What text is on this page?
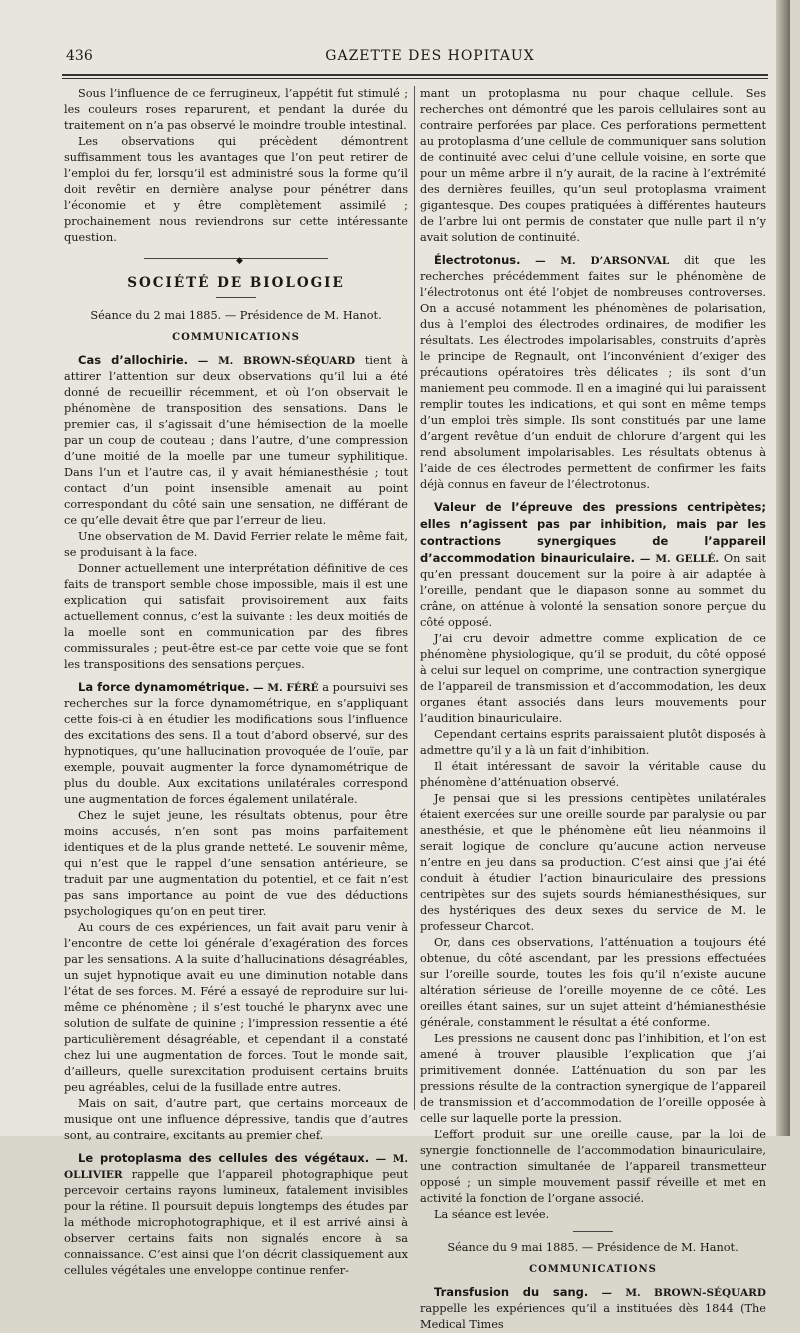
436	GAZETTE DES HOPITAUX

Sous l’influence de ce ferrugineux, l’appétit fut stimulé ; les couleurs roses reparurent, et pendant la durée du traitement on n’a pas observé le moindre trouble intestinal.

Les observations qui précèdent démontrent suffisamment tous les avantages que l’on peut retirer de l’emploi du fer, lorsqu’il est administré sous la forme qu’il doit revêtir en dernière analyse pour pénétrer dans l’économie et y être complètement assimilé ; prochainement nous reviendrons sur cette intéressante question.

◆
SOCIÉTÉ DE BIOLOGIE

Séance du 2 mai 1885. — Présidence de M. Hanot.

COMMUNICATIONS

Cas d’allochirie. — M. BROWN-SÉQUARD tient à attirer l’attention sur deux observations qu’il lui a été donné de recueillir récemment, et où l’on observait le phénomène de transposition des sensations. Dans le premier cas, il s’agissait d’une hémisection de la moelle par un coup de couteau ; dans l’autre, d’une compression d’une moitié de la moelle par une tumeur syphilitique. Dans l’un et l’autre cas, il y avait hémianesthésie ; tout contact d’un point insensible amenait au point correspondant du côté sain une sensation, ne différant de ce qu’elle devait être que par l’erreur de lieu.

Une observation de M. David Ferrier relate le même fait, se produisant à la face.

Donner actuellement une interprétation définitive de ces faits de transport semble chose impossible, mais il est une explication qui satisfait provisoirement aux faits actuellement connus, c’est la suivante : les deux moitiés de la moelle sont en communication par des fibres commissurales ; peut-être est-ce par cette voie que se font les transpositions des sensations perçues.

La force dynamométrique. — M. FÉRÉ a poursuivi ses recherches sur la force dynamométrique, en s’appliquant cette fois-ci à en étudier les modifications sous l’influence des excitations des sens. Il a tout d’abord observé, sur des hypnotiques, qu’une hallucination provoquée de l’ouïe, par exemple, pouvait augmenter la force dynamométrique de plus du double. Aux excitations unilatérales correspond une augmentation de forces également unilatérale.

Chez le sujet jeune, les résultats obtenus, pour être moins accusés, n’en sont pas moins parfaitement identiques et de la plus grande netteté. Le souvenir même, qui n’est que le rappel d’une sensation antérieure, se traduit par une augmentation du potentiel, et ce fait n’est pas sans importance au point de vue des déductions psychologiques qu’on en peut tirer.

Au cours de ces expériences, un fait avait paru venir à l’encontre de cette loi générale d’exagération des forces par les sensations. A la suite d’hallucinations désagréables, un sujet hypnotique avait eu une diminution notable dans l’état de ses forces. M. Féré a essayé de reproduire sur lui-même ce phénomène ; il s’est touché le pharynx avec une solution de sulfate de quinine ; l’impression ressentie a été particulièrement désagréable, et cependant il a constaté chez lui une augmentation de forces. Tout le monde sait, d’ailleurs, quelle surexcitation produisent certains bruits peu agréables, celui de la fusillade entre autres.

Mais on sait, d’autre part, que certains morceaux de musique ont une influence dépressive, tandis que d’autres sont, au contraire, excitants au premier chef.

Le protoplasma des cellules des végétaux. — M. OLLIVIER rappelle que l’appareil photographique peut percevoir certains rayons lumineux, fatalement invisibles pour la rétine. Il poursuit depuis longtemps des études par la méthode microphotographique, et il est arrivé ainsi à observer certains faits non signalés encore à sa connaissance. C’est ainsi que l’on décrit classiquement aux cellules végétales une enveloppe continue renfer-

mant un protoplasma nu pour chaque cellule. Ses recherches ont démontré que les parois cellulaires sont au contraire perforées par place. Ces perforations permettent au protoplasma d’une cellule de communiquer sans solution de continuité avec celui d’une cellule voisine, en sorte que pour un même arbre il n’y aurait, de la racine à l’extrémité des dernières feuilles, qu’un seul protoplasma vraiment gigantesque. Des coupes pratiquées à différentes hauteurs de l’arbre lui ont permis de constater que nulle part il n’y avait solution de continuité.

Électrotonus. — M. D’ARSONVAL dit que les recherches précédemment faites sur le phénomène de l’électrotonus ont été l’objet de nombreuses controverses. On a accusé notamment les phénomènes de polarisation, dus à l’emploi des électrodes ordinaires, de modifier les résultats. Les électrodes impolarisables, construits d’après le principe de Regnault, ont l’inconvénient d’exiger des précautions opératoires très délicates ; ils sont d’un maniement peu commode. Il en a imaginé qui lui paraissent remplir toutes les indications, et qui sont en même temps d’un emploi très simple. Ils sont constitués par une lame d’argent revêtue d’un enduit de chlorure d’argent qui les rend absolument impolarisables. Les résultats obtenus à l’aide de ces électrodes permettent de confirmer les faits déjà connus en faveur de l’électrotonus.

Valeur de l’épreuve des pressions centripètes; elles n’agissent pas par inhibition, mais par les contractions synergiques de l’appareil d’accommodation binauriculaire. — M. GELLÉ. On sait qu’en pressant doucement sur la poire à air adaptée à l’oreille, pendant que le diapason sonne au sommet du crâne, on atténue à volonté la sensation sonore perçue du côté opposé.

J’ai cru devoir admettre comme explication de ce phénomène physiologique, qu’il se produit, du côté opposé à celui sur lequel on comprime, une contraction synergique de l’appareil de transmission et d’accommodation, les deux organes étant associés dans leurs mouvements pour l’audition binauriculaire.

Cependant certains esprits paraissaient plutôt disposés à admettre qu’il y a là un fait d’inhibition.

Il était intéressant de savoir la véritable cause du phénomène d’atténuation observé.

Je pensai que si les pressions centipètes unilatérales étaient exercées sur une oreille sourde par paralysie ou par anesthésie, et que le phénomène eût lieu néanmoins il serait logique de conclure qu’aucune action nerveuse n’entre en jeu dans sa production. C’est ainsi que j’ai été conduit à étudier l’action binauriculaire des pressions centripètes sur des sujets sourds hémianesthésiques, sur des hystériques des deux sexes du service de M. le professeur Charcot.

Or, dans ces observations, l’atténuation a toujours été obtenue, du côté ascendant, par les pressions effectuées sur l’oreille sourde, toutes les fois qu’il n’existe aucune altération sérieuse de l’oreille moyenne de ce côté. Les oreilles étant saines, sur un sujet atteint d’hémianesthésie générale, constamment le résultat a été conforme.

Les pressions ne causent donc pas l’inhibition, et l’on est amené à trouver plausible l’explication que j’ai primitivement donnée. L’atténuation du son par les pressions résulte de la contraction synergique de l’appareil de transmission et d’accommodation de l’oreille opposée à celle sur laquelle porte la pression.

L’effort produit sur une oreille cause, par la loi de synergie fonctionnelle de l’accommodation binauriculaire, une contraction simultanée de l’appareil transmetteur opposé ; un simple mouvement passif réveille et met en activité la fonction de l’organe associé.

La séance est levée.

Séance du 9 mai 1885. — Présidence de M. Hanot.

COMMUNICATIONS

Transfusion du sang. — M. BROWN-SÉQUARD rappelle les expériences qu’il a instituées dès 1844 (The Medical Times
